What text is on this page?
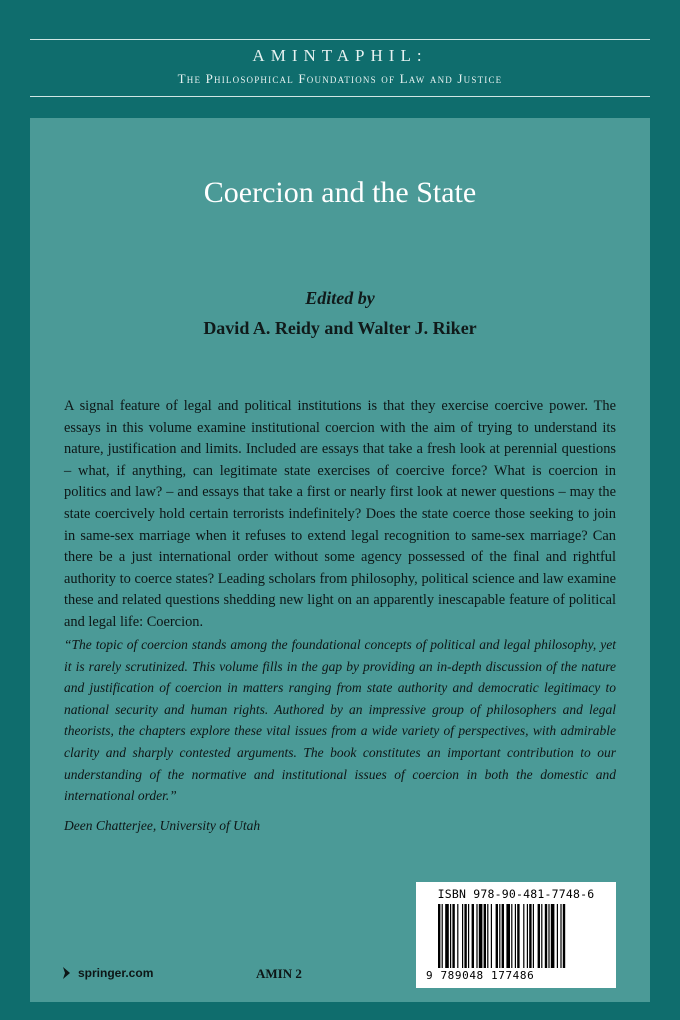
AMINTAPHIL:
The Philosophical Foundations of Law and Justice
Coercion and the State
Edited by
David A. Reidy and Walter J. Riker

A signal feature of legal and political institutions is that they exercise coercive power. The essays in this volume examine institutional coercion with the aim of trying to understand its nature, justification and limits. Included are essays that take a fresh look at perennial questions – what, if anything, can legitimate state exercises of coercive force? What is coercion in politics and law? – and essays that take a first or nearly first look at newer questions – may the state coercively hold certain terrorists indefinitely? Does the state coerce those seeking to join in same-sex marriage when it refuses to extend legal recognition to same-sex marriage? Can there be a just international order without some agency possessed of the final and rightful authority to coerce states? Leading scholars from philosophy, political science and law examine these and related questions shedding new light on an apparently inescapable feature of political and legal life: Coercion.

“The topic of coercion stands among the foundational concepts of political and legal philosophy, yet it is rarely scrutinized. This volume fills in the gap by providing an in-depth discussion of the nature and justification of coercion in matters ranging from state authority and democratic legitimacy to national security and human rights. Authored by an impressive group of philosophers and legal theorists, the chapters explore these vital issues from a wide variety of perspectives, with admirable clarity and sharply contested arguments. The book constitutes an important contribution to our understanding of the normative and institutional issues of coercion in both the domestic and international order.”

Deen Chatterjee, University of Utah
ISBN 978-90-481-7748-6
9 789048 177486
springer.com	AMIN 2
